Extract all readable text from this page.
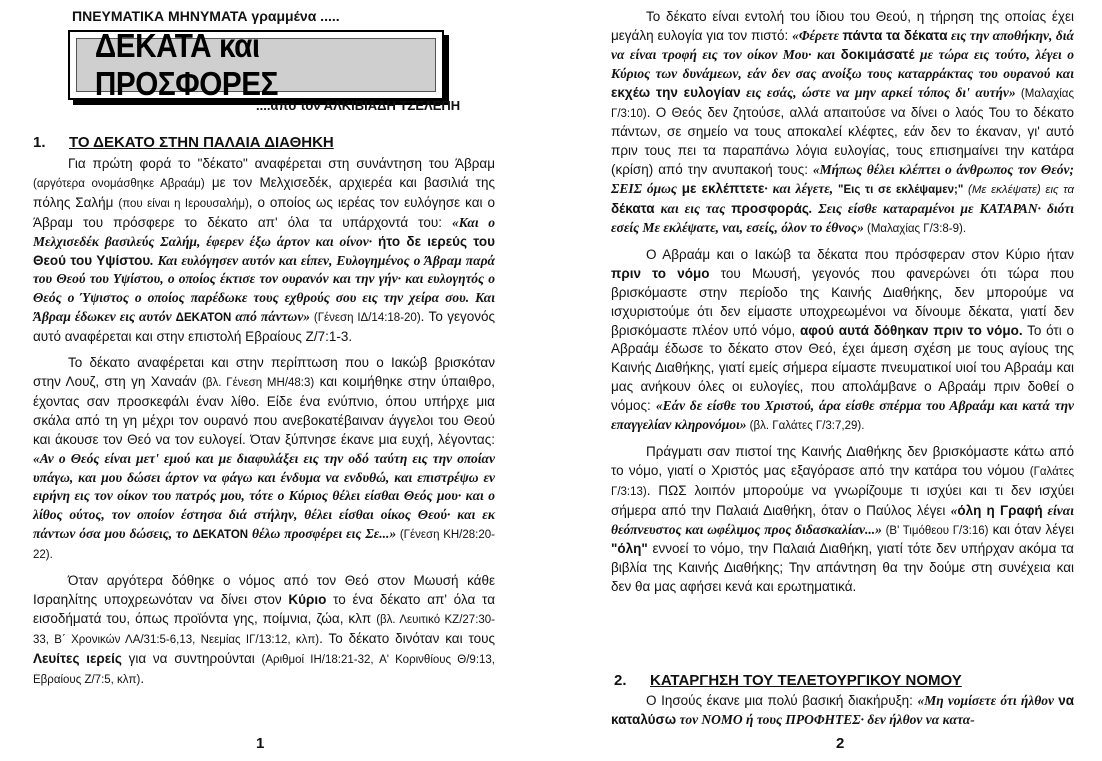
ΠΝΕΥΜΑΤΙΚΑ ΜΗΝΥΜΑΤΑ γραμμένα .....
ΔΕΚΑΤΑ και ΠΡΟΣΦΟΡΕΣ
....από τον ΑΛΚΙΒΙΑΔΗ ΤΖΕΛΕΠΗ
1. ΤΟ ΔΕΚΑΤΟ ΣΤΗΝ ΠΑΛΑΙΑ ΔΙΑΘΗΚΗ

Για πρώτη φορά το "δέκατο" αναφέρεται στη συνάντηση του Άβραμ (αργότερα ονομάσθηκε Αβραάμ) με τον Μελχισεδέκ, αρχιερέα και βασιλιά της πόλης Σαλήμ (που είναι η Ιερουσαλήμ), ο οποίος ως ιερέας τον ευλόγησε και ο Άβραμ του πρόσφερε το δέκατο απ' όλα τα υπάρχοντά του: «Και ο Μελχισεδέκ βασιλεύς Σαλήμ, έφερεν έξω άρτον και οίνον· ήτο δε ιερεύς του Θεού του Υψίστου. Και ευλόγησεν αυτόν και είπεν, Ευλογημένος ο Άβραμ παρά του Θεού του Υψίστου, ο οποίος έκτισε τον ουρανόν και την γήν· και ευλογητός ο Θεός ο Ύψιστος ο οποίος παρέδωκε τους εχθρούς σου εις την χείρα σου. Και Άβραμ έδωκεν εις αυτόν ΔΕΚΑΤΟΝ από πάντων» (Γένεση ΙΔ/14:18-20). Το γεγονός αυτό αναφέρεται και στην επιστολή Εβραίους Ζ/7:1-3.

Το δέκατο αναφέρεται και στην περίπτωση που ο Ιακώβ βρισκόταν στην Λουζ, στη γη Χαναάν (βλ. Γένεση ΜΗ/48:3) και κοιμήθηκε στην ύπαιθρο, έχοντας σαν προσκεφάλι έναν λίθο. Είδε ένα ενύπνιο, όπου υπήρχε μια σκάλα από τη γη μέχρι τον ουρανό που ανεβοκατέβαιναν άγγελοι του Θεού και άκουσε τον Θεό να τον ευλογεί. Όταν ξύπνησε έκανε μια ευχή, λέγοντας: «Αν ο Θεός είναι μετ' εμού και με διαφυλάξει εις την οδό ταύτη εις την οποίαν υπάγω, και μου δώσει άρτον να φάγω και ένδυμα να ενδυθώ, και επιστρέψω εν ειρήνη εις τον οίκον του πατρός μου, τότε ο Κύριος θέλει είσθαι Θεός μου· και ο λίθος ούτος, τον οποίον έστησα διά στήλην, θέλει είσθαι οίκος Θεού· και εκ πάντων όσα μου δώσεις, το ΔΕΚΑΤΟΝ θέλω προσφέρει εις Σε...» (Γένεση ΚΗ/28:20-22).

Όταν αργότερα δόθηκε ο νόμος από τον Θεό στον Μωυσή κάθε Ισραηλίτης υποχρεωνόταν να δίνει στον Κύριο το ένα δέκατο απ' όλα τα εισοδήματά του, όπως προϊόντα γης, ποίμνια, ζώα, κλπ (βλ. Λευιτικό ΚΖ/27:30-33, Β΄ Χρονικών ΛΑ/31:5-6,13, Νεεμίας ΙΓ/13:12, κλπ). Το δέκατο δινόταν και τους Λευίτες ιερείς για να συντηρούνται (Αριθμοί ΙΗ/18:21-32, Α' Κορινθίους Θ/9:13, Εβραίους Ζ/7:5, κλπ).

1

Το δέκατο είναι εντολή του ίδιου του Θεού, η τήρηση της οποίας έχει μεγάλη ευλογία για τον πιστό: «Φέρετε πάντα τα δέκατα εις την αποθήκην, διά να είναι τροφή εις τον οίκον Μου· και δοκιμάσατέ με τώρα εις τούτο, λέγει ο Κύριος των δυνάμεων, εάν δεν σας ανοίξω τους καταρράκτας του ουρανού και εκχέω την ευλογίαν εις εσάς, ώστε να μην αρκεί τόπος δι' αυτήν» (Μαλαχίας Γ/3:10). Ο Θεός δεν ζητούσε, αλλά απαιτούσε να δίνει ο λαός Του το δέκατο πάντων, σε σημείο να τους αποκαλεί κλέφτες, εάν δεν το έκαναν, γι' αυτό πριν τους πει τα παραπάνω λόγια ευλογίας, τους επισημαίνει την κατάρα (κρίση) από την ανυπακοή τους: «Μήπως θέλει κλέπτει ο άνθρωπος τον Θεόν; ΣΕΙΣ όμως με εκλέπτετε· και λέγετε, "Εις τι σε εκλέψαμεν;" (Με εκλέψατε) εις τα δέκατα και εις τας προσφοράς. Σεις είσθε καταραμένοι με ΚΑΤΑΡΑΝ· διότι εσείς Με εκλέψατε, ναι, εσείς, όλον το έθνος» (Μαλαχίας Γ/3:8-9).

Ο Αβραάμ και ο Ιακώβ τα δέκατα που πρόσφεραν στον Κύριο ήταν πριν το νόμο του Μωυσή, γεγονός που φανερώνει ότι τώρα που βρισκόμαστε στην περίοδο της Καινής Διαθήκης, δεν μπορούμε να ισχυριστούμε ότι δεν είμαστε υποχρεωμένοι να δίνουμε δέκατα, γιατί δεν βρισκόμαστε πλέον υπό νόμο, αφού αυτά δόθηκαν πριν το νόμο. Το ότι ο Αβραάμ έδωσε το δέκατο στον Θεό, έχει άμεση σχέση με τους αγίους της Καινής Διαθήκης, γιατί εμείς σήμερα είμαστε πνευματικοί υιοί του Αβραάμ και μας ανήκουν όλες οι ευλογίες, που απολάμβανε ο Αβραάμ πριν δοθεί ο νόμος: «Εάν δε είσθε του Χριστού, άρα είσθε σπέρμα του Αβραάμ και κατά την επαγγελίαν κληρονόμοι» (βλ. Γαλάτες Γ/3:7,29).

Πράγματι σαν πιστοί της Καινής Διαθήκης δεν βρισκόμαστε κάτω από το νόμο, γιατί ο Χριστός μας εξαγόρασε από την κατάρα του νόμου (Γαλάτες Γ/3:13). ΠΩΣ λοιπόν μπορούμε να γνωρίζουμε τι ισχύει και τι δεν ισχύει σήμερα από την Παλαιά Διαθήκη, όταν ο Παύλος λέγει «όλη η Γραφή είναι θεόπνευστος και ωφέλιμος προς διδασκαλίαν...» (Β' Τιμόθεου Γ/3:16) και όταν λέγει "όλη" εννοεί το νόμο, την Παλαιά Διαθήκη, γιατί τότε δεν υπήρχαν ακόμα τα βιβλία της Καινής Διαθήκης; Την απάντηση θα την δούμε στη συνέχεια και δεν θα μας αφήσει κενά και ερωτηματικά.

2. ΚΑΤΑΡΓΗΣΗ ΤΟΥ ΤΕΛΕΤΟΥΡΓΙΚΟΥ ΝΟΜΟΥ

Ο Ιησούς έκανε μια πολύ βασική διακήρυξη: «Μη νομίσετε ότι ήλθον να καταλύσω τον ΝΟΜΟ ή τους ΠΡΟΦΗΤΕΣ· δεν ήλθον να κατα-

2
